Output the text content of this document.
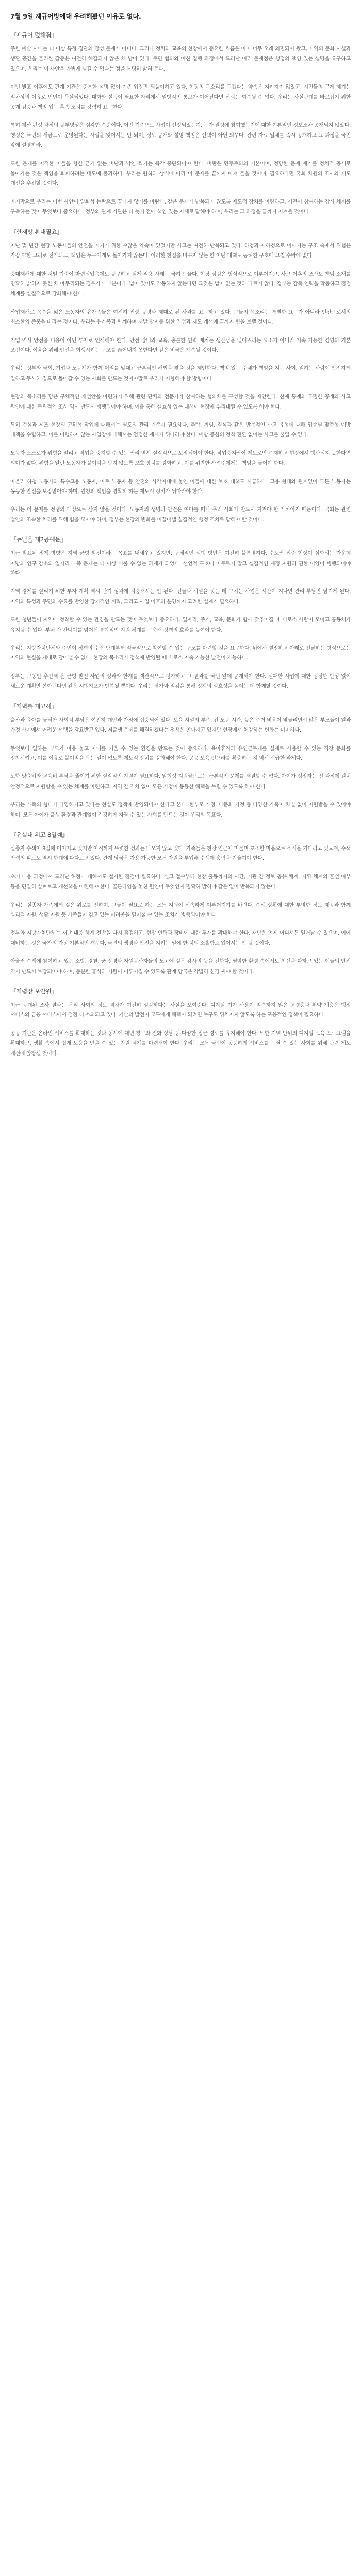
7월 9일 재규어방에대 우려해봤던 이유로 없다.

『재규어 덮해줘』

주한 예술 시대는 더 이상 특정 집단의 감성 문제가 아니다. 그러나 정치와 교육의 현장에서 중요한 흐름은 이미 너무 오래 외면되어 왔고, 지역의 문화 시설과 생활 공간을 둘러싼 갈등은 여전히 해결되지 않은 채 남아 있다. 주민 협의와 예산 집행 과정에서 드러난 여러 문제점은 행정의 책임 있는 설명을 요구하고 있으며, 우리는 이 사안을 가볍게 넘길 수 없다는 점을 분명히 밝혀 둔다.

이번 발표 이후에도 관계 기관은 충분한 설명 없이 기존 입장만 되풀이하고 있다. 현장의 목소리를 듣겠다는 약속은 지켜지지 않았고, 시민들의 문제 제기는 절차상의 이유로 번번이 묵살되었다. 대화와 설득이 필요한 자리에서 일방적인 통보가 이어진다면 신뢰는 회복될 수 없다. 우리는 사실관계를 바로잡기 위한 공개 검증과 책임 있는 후속 조치를 강력히 요구한다.

특히 예산 편성 과정의 불투명성은 심각한 수준이다. 어떤 기준으로 사업이 선정되었는지, 누가 결정에 참여했는지에 대한 기본적인 정보조차 공개되지 않았다. 행정은 국민의 세금으로 운영된다는 사실을 잊어서는 안 되며, 정보 공개와 설명 책임은 선택이 아닌 의무다. 관련 자료 일체를 즉시 공개하고 그 과정을 국민 앞에 설명하라.

또한 문제를 지적한 이들을 향한 근거 없는 비난과 낙인 찍기는 즉각 중단되어야 한다. 비판은 민주주의의 기본이며, 정당한 문제 제기를 정치적 공세로 몰아가는 것은 책임을 회피하려는 태도에 불과하다. 우리는 원칙과 상식에 따라 이 문제를 끝까지 따져 물을 것이며, 필요하다면 국회 차원의 조사와 제도 개선을 추진할 것이다.

마지막으로 우리는 이번 사안이 일회성 논란으로 끝나지 않기를 바란다. 같은 문제가 반복되지 않도록 제도적 장치를 마련하고, 시민이 참여하는 감시 체계를 구축하는 것이 무엇보다 중요하다. 정부와 관계 기관은 더 늦기 전에 책임 있는 자세로 답해야 하며, 우리는 그 과정을 끝까지 지켜볼 것이다.

『산재방 환대필요』

지난 몇 년간 현장 노동자들의 안전을 지키기 위한 수많은 약속이 있었지만 사고는 여전히 반복되고 있다. 하청과 재하청으로 이어지는 구조 속에서 위험은 가장 약한 고리로 전가되고, 책임은 누구에게도 돌아가지 않는다. 이러한 현실을 바꾸지 않는 한 어떤 대책도 공허한 구호에 그칠 수밖에 없다.

중대재해에 대한 처벌 기준이 마련되었음에도 불구하고 실제 적용 사례는 극히 드물다. 현장 점검은 형식적으로 이루어지고, 사고 이후의 조사도 책임 소재를 명확히 밝히지 못한 채 마무리되는 경우가 대부분이다. 법이 있어도 작동하지 않는다면 그것은 법이 없는 것과 다르지 않다. 정부는 감독 인력을 확충하고 점검 체계를 실질적으로 강화해야 한다.

산업재해로 목숨을 잃은 노동자의 유가족들은 여전히 진상 규명과 제대로 된 사과를 요구하고 있다. 그들의 목소리는 특별한 요구가 아니라 인간으로서의 최소한의 존중을 바라는 것이다. 우리는 유가족과 함께하며 재발 방지를 위한 입법과 제도 개선에 끝까지 힘을 보탤 것이다.

기업 역시 안전을 비용이 아닌 투자로 인식해야 한다. 안전 장비와 교육, 충분한 인력 배치는 생산성을 떨어뜨리는 요소가 아니라 지속 가능한 경영의 기본 조건이다. 이윤을 위해 안전을 희생시키는 구조를 끊어내지 못한다면 같은 비극은 계속될 것이다.

우리는 정부와 국회, 기업과 노동계가 함께 머리를 맞대고 근본적인 해법을 찾을 것을 제안한다. 책임 있는 주체가 책임을 지는 사회, 일하는 사람이 안전하게 일하고 무사히 집으로 돌아갈 수 있는 사회를 만드는 것이야말로 우리가 지향해야 할 방향이다.

현장의 목소리를 담은 구체적인 개선안을 마련하기 위해 관련 단체와 전문가가 참여하는 협의체를 구성할 것을 제안한다. 산재 통계의 투명한 공개와 사고 원인에 대한 독립적인 조사 역시 반드시 병행되어야 하며, 이를 통해 실효성 있는 대책이 현장에 뿌리내릴 수 있도록 해야 한다.

특히 건설과 제조 현장의 고위험 작업에 대해서는 별도의 관리 기준이 필요하다. 추락, 끼임, 질식과 같은 반복적인 사고 유형에 대해 업종별 맞춤형 예방 대책을 수립하고, 이를 이행하지 않는 사업장에 대해서는 엄정한 제재가 뒤따라야 한다. 예방 중심의 정책 전환 없이는 사고를 줄일 수 없다.

노동자 스스로가 위험을 알리고 작업을 중지할 수 있는 권리 역시 실질적으로 보장되어야 한다. 작업중지권이 제도로만 존재하고 현장에서 행사되지 못한다면 의미가 없다. 위험을 알린 노동자가 불이익을 받지 않도록 보호 장치를 강화하고, 이를 위반한 사업주에게는 책임을 물어야 한다.

아울러 하청 노동자와 특수고용 노동자, 이주 노동자 등 안전의 사각지대에 놓인 이들에 대한 보호 대책도 시급하다. 고용 형태와 관계없이 모든 노동자는 동등한 안전을 보장받아야 하며, 원청의 책임을 명확히 하는 제도적 정비가 뒤따라야 한다.

우리는 이 문제를 정쟁의 대상으로 삼지 않을 것이다. 노동자의 생명과 안전은 여야를 떠나 우리 사회가 반드시 지켜야 할 가치이기 때문이다. 국회는 관련 법안의 조속한 처리를 위해 힘을 모아야 하며, 정부는 현장의 변화를 이끌어낼 실질적인 행정 조치로 답해야 할 것이다.

『뉴딜을 제2공예문』

최근 발표된 정책 방향은 지역 균형 발전이라는 목표를 내세우고 있지만, 구체적인 실행 방안은 여전히 불분명하다. 수도권 집중 현상이 심화되는 가운데 지방의 인구 감소와 일자리 부족 문제는 더 이상 미룰 수 없는 과제가 되었다. 선언적 구호에 머무르지 말고 실질적인 재정 지원과 권한 이양이 병행되어야 한다.

지역 경제를 살리기 위한 투자 계획 역시 단기 성과에 치중해서는 안 된다. 건물과 시설을 짓는 데 그치는 사업은 시간이 지나면 관리 부담만 남기게 된다. 지역의 특성과 주민의 수요를 반영한 장기적인 계획, 그리고 사업 이후의 운영까지 고려한 설계가 필요하다.

또한 청년들이 지역에 정착할 수 있는 환경을 만드는 것이 무엇보다 중요하다. 일자리, 주거, 교육, 문화가 함께 갖추어질 때 비로소 사람이 모이고 공동체가 유지될 수 있다. 부처 간 칸막이를 넘어선 통합적인 지원 체계를 구축해 정책의 효과를 높여야 한다.

우리는 지방자치단체와 주민이 정책의 수립 단계부터 적극적으로 참여할 수 있는 구조를 마련할 것을 요구한다. 위에서 결정하고 아래로 전달하는 방식으로는 지역의 현실을 제대로 담아낼 수 없다. 현장의 목소리가 정책에 반영될 때 비로소 지속 가능한 발전이 가능하다.

정부는 그동안 추진해 온 균형 발전 사업의 성과와 한계를 객관적으로 평가하고 그 결과를 국민 앞에 공개해야 한다. 실패한 사업에 대한 냉정한 반성 없이 새로운 계획만 쏟아낸다면 같은 시행착오가 반복될 뿐이다. 우리는 평가와 점검을 통해 정책의 실효성을 높이는 데 함께할 것이다.

『저녁를 재고해』

출산과 육아를 둘러싼 사회적 부담은 여전히 개인과 가정에 집중되어 있다. 보육 시설의 부족, 긴 노동 시간, 높은 주거 비용이 맞물리면서 많은 부모들이 일과 가정 사이에서 어려운 선택을 강요받고 있다. 저출생 문제를 해결하겠다는 정책은 쏟아지고 있지만 현장에서 체감하는 변화는 미미하다.

무엇보다 일하는 부모가 마음 놓고 아이를 키울 수 있는 환경을 만드는 것이 중요하다. 육아휴직과 유연근무제를 실제로 사용할 수 있는 직장 문화를 정착시키고, 이를 이유로 불이익을 받는 일이 없도록 제도적 장치를 강화해야 한다. 공공 보육 인프라를 확충하는 것 역시 시급한 과제다.

또한 양육비와 교육비 부담을 줄이기 위한 실질적인 지원이 필요하다. 일회성 지원금으로는 근본적인 문제를 해결할 수 없다. 아이가 성장하는 전 과정에 걸쳐 안정적으로 지원받을 수 있는 체계를 마련하고, 지역 간 격차 없이 모든 가정이 동등한 혜택을 누릴 수 있도록 해야 한다.

우리는 가족의 형태가 다양해지고 있다는 현실도 정책에 반영되어야 한다고 본다. 한부모 가정, 다문화 가정 등 다양한 가족이 차별 없이 지원받을 수 있어야 하며, 모든 아이가 출생 환경과 관계없이 건강하게 자랄 수 있는 사회를 만드는 것이 우리의 목표다.

『유실대 위고 8일째』

실종자 수색이 8일째 이어지고 있지만 아직까지 뚜렷한 성과는 나오지 않고 있다. 가족들은 현장 인근에 머물며 초조한 마음으로 소식을 기다리고 있으며, 수색 인력의 피로도 역시 한계에 다다르고 있다. 관계 당국은 가용 가능한 모든 자원을 투입해 수색에 총력을 기울여야 한다.

초기 대응 과정에서 드러난 허점에 대해서도 철저한 점검이 필요하다. 신고 접수부터 현장 출동까지의 시간, 기관 간 정보 공유 체계, 지휘 체계의 혼선 여부 등을 면밀히 살펴보고 개선책을 마련해야 한다. 골든타임을 놓친 원인이 무엇인지 명확히 밝혀야 같은 일이 반복되지 않는다.

우리는 실종자 가족에게 깊은 위로를 전하며, 그들이 필요로 하는 모든 지원이 신속하게 이루어지기를 바란다. 수색 상황에 대한 투명한 정보 제공과 함께 심리적 지원, 생활 지원 등 가족들이 겪고 있는 어려움을 덜어줄 수 있는 조치가 병행되어야 한다.

정부와 지방자치단체는 재난 대응 체계 전반을 다시 점검하고, 현장 인력과 장비에 대한 투자를 확대해야 한다. 재난은 언제 어디서든 일어날 수 있으며, 이에 대비하는 것은 국가의 가장 기본적인 책무다. 국민의 생명과 안전을 지키는 일에 한 치의 소홀함도 있어서는 안 될 것이다.

아울러 수색에 참여하고 있는 소방, 경찰, 군 장병과 자원봉사자들의 노고에 깊은 감사의 뜻을 전한다. 열악한 환경 속에서도 최선을 다하고 있는 이들의 안전 역시 반드시 보장되어야 하며, 충분한 휴식과 지원이 이루어질 수 있도록 관계 당국은 각별히 신경 써야 할 것이다.

『저렴장 포안원』

최근 공개된 조사 결과는 우리 사회의 정보 격차가 여전히 심각하다는 사실을 보여준다. 디지털 기기 사용이 익숙하지 않은 고령층과 취약 계층은 행정 서비스와 금융 서비스에서 점점 더 소외되고 있다. 기술의 발전이 모두에게 혜택이 되려면 누구도 뒤처지지 않도록 하는 포용적인 정책이 필요하다.

공공 기관은 온라인 서비스를 확대하는 것과 동시에 대면 창구와 전화 상담 등 다양한 접근 경로를 유지해야 한다. 또한 지역 단위의 디지털 교육 프로그램을 확대하고, 생활 속에서 쉽게 도움을 받을 수 있는 지원 체계를 마련해야 한다. 우리는 모든 국민이 동등하게 서비스를 누릴 수 있는 사회를 위해 관련 제도 개선에 앞장설 것이다.
